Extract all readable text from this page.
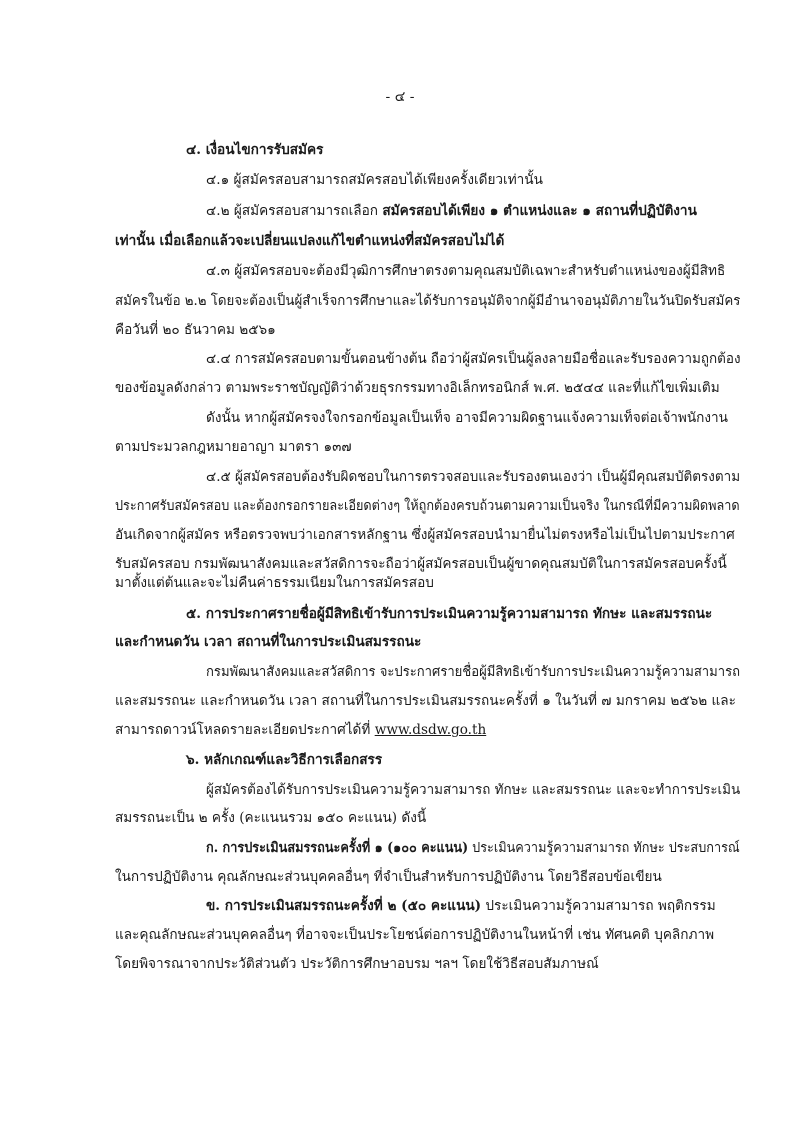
- ๔ -
๔. เงื่อนไขการรับสมัคร
๔.๑ ผู้สมัครสอบสามารถสมัครสอบได้เพียงครั้งเดียวเท่านั้น
๔.๒ ผู้สมัครสอบสามารถเลือก สมัครสอบได้เพียง ๑ ตำแหน่งและ ๑ สถานที่ปฏิบัติงาน
เท่านั้น เมื่อเลือกแล้วจะเปลี่ยนแปลงแก้ไขตำแหน่งที่สมัครสอบไม่ได้
๔.๓ ผู้สมัครสอบจะต้องมีวุฒิการศึกษาตรงตามคุณสมบัติเฉพาะสำหรับตำแหน่งของผู้มีสิทธิ
สมัครในข้อ ๒.๒ โดยจะต้องเป็นผู้สำเร็จการศึกษาและได้รับการอนุมัติจากผู้มีอำนาจอนุมัติภายในวันปิดรับสมัคร
คือวันที่ ๒๐ ธันวาคม ๒๕๖๑
๔.๔ การสมัครสอบตามขั้นตอนข้างต้น ถือว่าผู้สมัครเป็นผู้ลงลายมือชื่อและรับรองความถูกต้อง
ของข้อมูลดังกล่าว ตามพระราชบัญญัติว่าด้วยธุรกรรมทางอิเล็กทรอนิกส์ พ.ศ. ๒๕๔๔ และที่แก้ไขเพิ่มเติม
ดังนั้น หากผู้สมัครจงใจกรอกข้อมูลเป็นเท็จ อาจมีความผิดฐานแจ้งความเท็จต่อเจ้าพนักงาน
ตามประมวลกฎหมายอาญา มาตรา ๑๓๗
๔.๕ ผู้สมัครสอบต้องรับผิดชอบในการตรวจสอบและรับรองตนเองว่า เป็นผู้มีคุณสมบัติตรงตาม
ประกาศรับสมัครสอบ และต้องกรอกรายละเอียดต่างๆ ให้ถูกต้องครบถ้วนตามความเป็นจริง ในกรณีที่มีความผิดพลาด
อันเกิดจากผู้สมัคร หรือตรวจพบว่าเอกสารหลักฐาน ซึ่งผู้สมัครสอบนำมายื่นไม่ตรงหรือไม่เป็นไปตามประกาศ
รับสมัครสอบ กรมพัฒนาสังคมและสวัสดิการจะถือว่าผู้สมัครสอบเป็นผู้ขาดคุณสมบัติในการสมัครสอบครั้งนี้
มาตั้งแต่ต้นและจะไม่คืนค่าธรรมเนียมในการสมัครสอบ
๕. การประกาศรายชื่อผู้มีสิทธิเข้ารับการประเมินความรู้ความสามารถ ทักษะ และสมรรถนะ
และกำหนดวัน เวลา สถานที่ในการประเมินสมรรถนะ
กรมพัฒนาสังคมและสวัสดิการ จะประกาศรายชื่อผู้มีสิทธิเข้ารับการประเมินความรู้ความสามารถ
และสมรรถนะ และกำหนดวัน เวลา สถานที่ในการประเมินสมรรถนะครั้งที่ ๑ ในวันที่ ๗ มกราคม ๒๕๖๒ และ
สามารถดาวน์โหลดรายละเอียดประกาศได้ที่ www.dsdw.go.th
๖. หลักเกณฑ์และวิธีการเลือกสรร
ผู้สมัครต้องได้รับการประเมินความรู้ความสามารถ ทักษะ และสมรรถนะ และจะทำการประเมิน
สมรรถนะเป็น ๒ ครั้ง (คะแนนรวม ๑๕๐ คะแนน) ดังนี้
ก. การประเมินสมรรถนะครั้งที่ ๑ (๑๐๐ คะแนน) ประเมินความรู้ความสามารถ ทักษะ ประสบการณ์
ในการปฏิบัติงาน คุณลักษณะส่วนบุคคลอื่นๆ ที่จำเป็นสำหรับการปฏิบัติงาน โดยวิธีสอบข้อเขียน
ข. การประเมินสมรรถนะครั้งที่ ๒ (๕๐ คะแนน) ประเมินความรู้ความสามารถ พฤติกรรม
และคุณลักษณะส่วนบุคคลอื่นๆ ที่อาจจะเป็นประโยชน์ต่อการปฏิบัติงานในหน้าที่ เช่น ทัศนคติ บุคลิกภาพ
โดยพิจารณาจากประวัติส่วนตัว ประวัติการศึกษาอบรม ฯลฯ โดยใช้วิธีสอบสัมภาษณ์
